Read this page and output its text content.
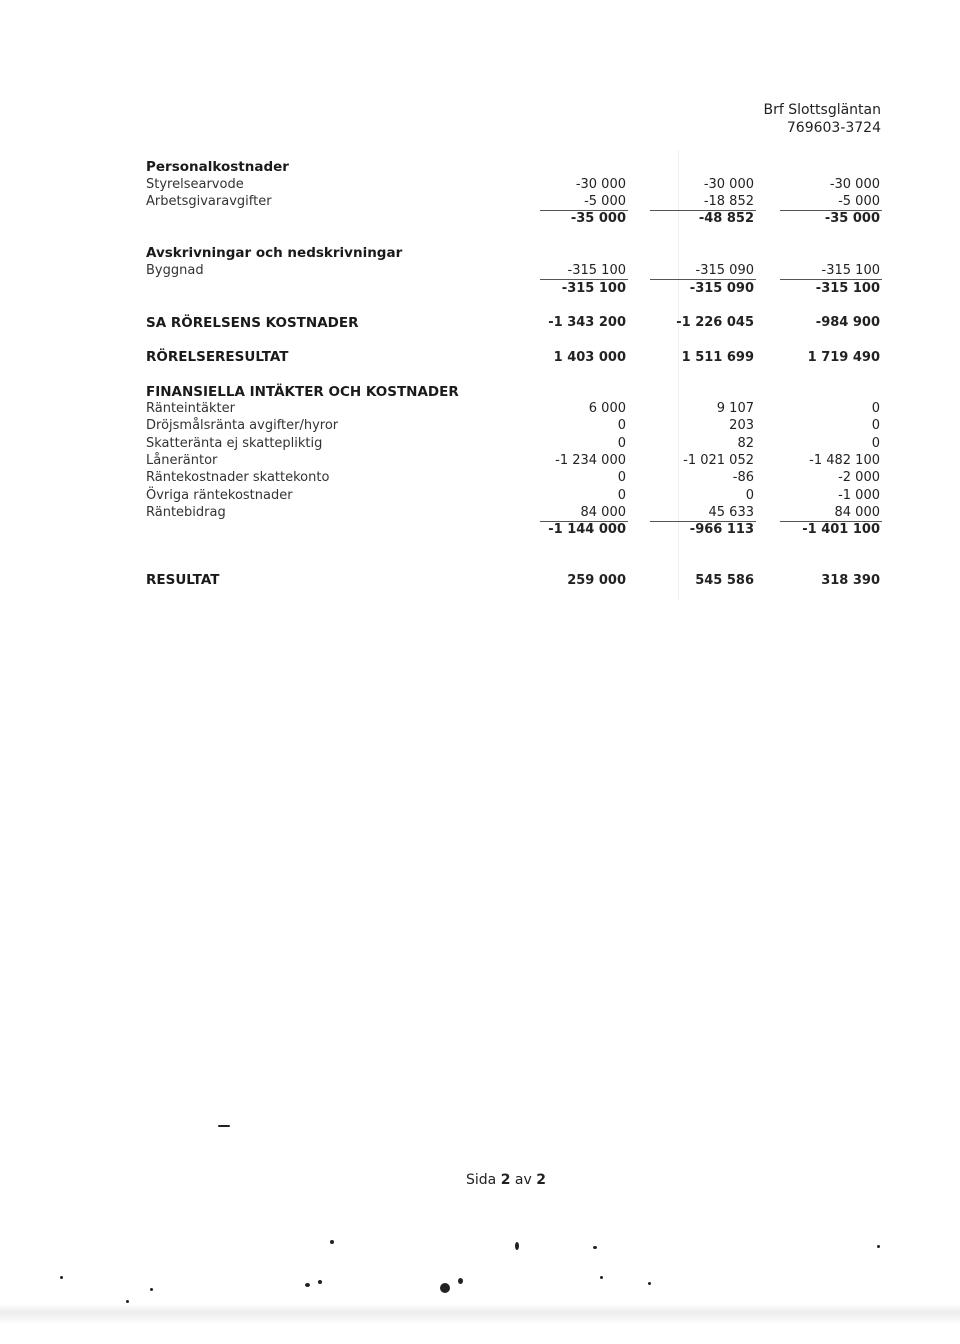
Brf Slottsgläntan
769603-3724
Personalkostnader
Styrelsearvode	-30 000	-30 000	-30 000
Arbetsgivaravgifter	-5 000	-18 852	-5 000
-35 000	-48 852	-35 000
Avskrivningar och nedskrivningar
Byggnad	-315 100	-315 090	-315 100
-315 100	-315 090	-315 100
SA RÖRELSENS KOSTNADER	-1 343 200	-1 226 045	-984 900
RÖRELSERESULTAT	1 403 000	1 511 699	1 719 490
FINANSIELLA INTÄKTER OCH KOSTNADER
Ränteintäkter	6 000	9 107	0
Dröjsmålsränta avgifter/hyror	0	203	0
Skatteränta ej skattepliktig	0	82	0
Låneräntor	-1 234 000	-1 021 052	-1 482 100
Räntekostnader skattekonto	0	-86	-2 000
Övriga räntekostnader	0	0	-1 000
Räntebidrag	84 000	45 633	84 000
-1 144 000	-966 113	-1 401 100
RESULTAT	259 000	545 586	318 390
Sida 2 av 2
